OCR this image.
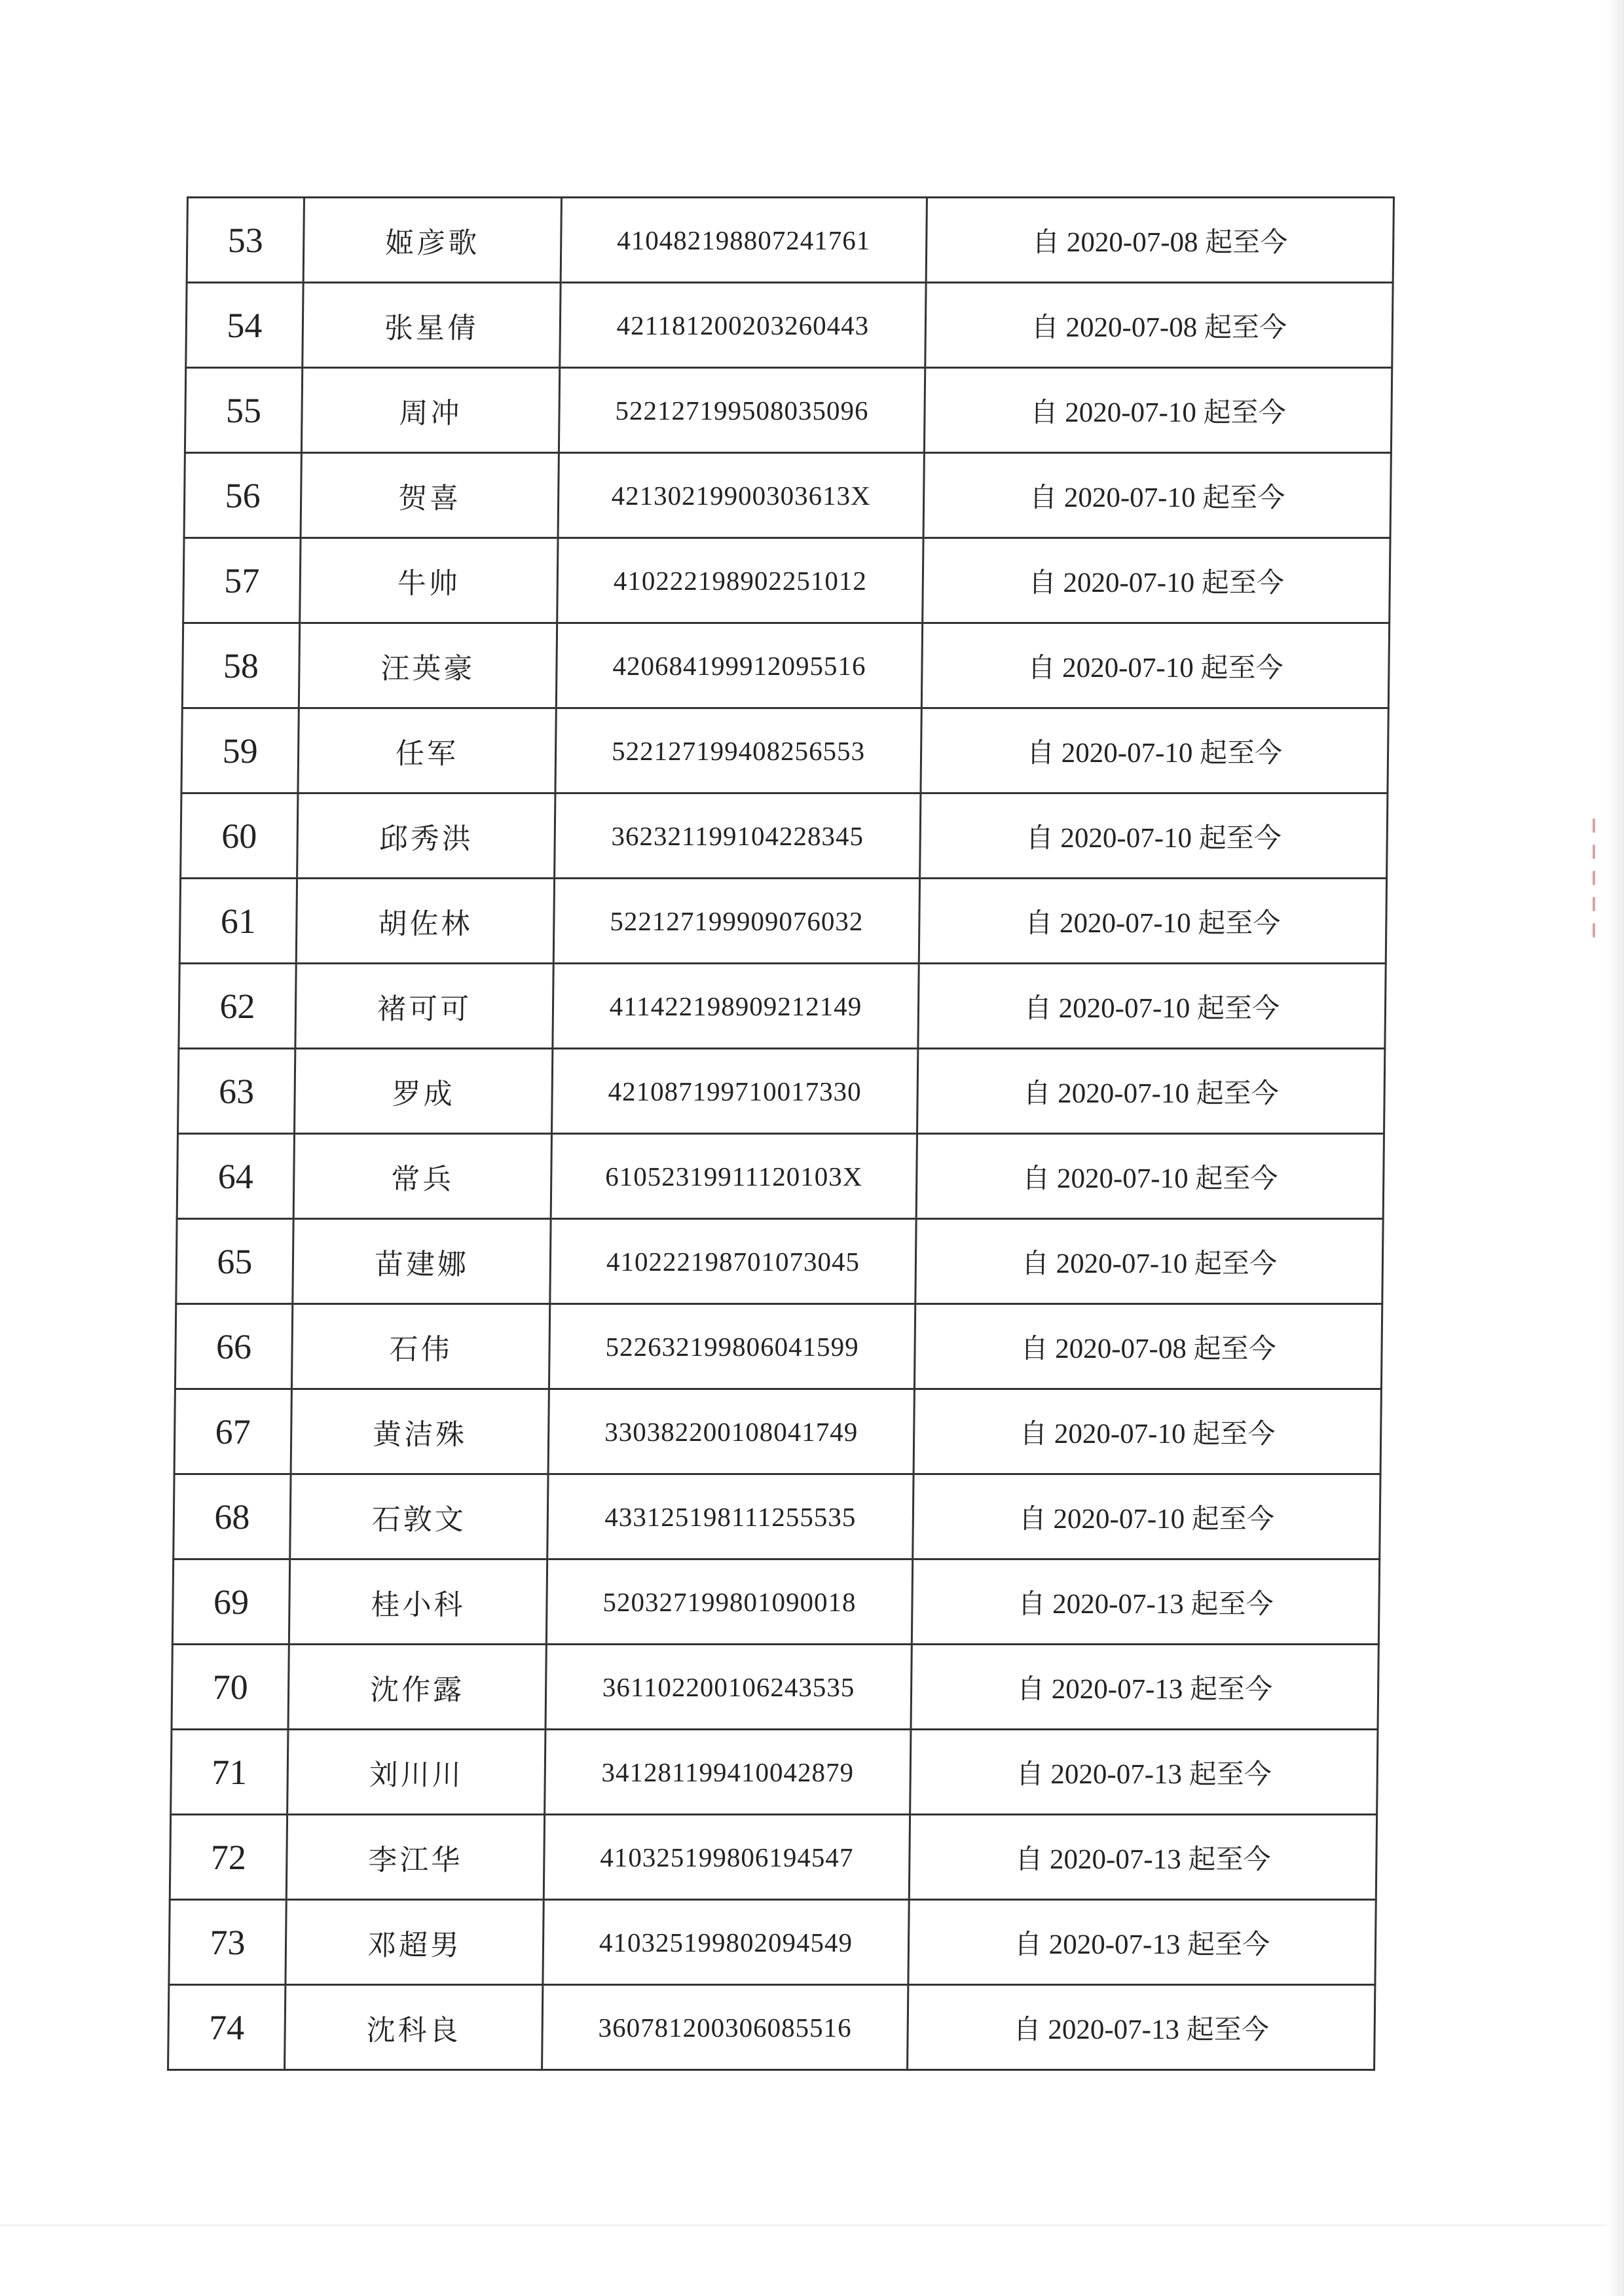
53	姬彦歌	410482198807241761	自 2020-07-08 起至今
54	张星倩	421181200203260443	自 2020-07-08 起至今
55	周冲	522127199508035096	自 2020-07-10 起至今
56	贺喜	42130219900303613X	自 2020-07-10 起至今
57	牛帅	410222198902251012	自 2020-07-10 起至今
58	汪英豪	420684199912095516	自 2020-07-10 起至今
59	任军	522127199408256553	自 2020-07-10 起至今
60	邱秀洪	362321199104228345	自 2020-07-10 起至今
61	胡佐林	522127199909076032	自 2020-07-10 起至今
62	褚可可	411422198909212149	自 2020-07-10 起至今
63	罗成	421087199710017330	自 2020-07-10 起至今
64	常兵	61052319911120103X	自 2020-07-10 起至今
65	苗建娜	410222198701073045	自 2020-07-10 起至今
66	石伟	522632199806041599	自 2020-07-08 起至今
67	黄洁殊	330382200108041749	自 2020-07-10 起至今
68	石敦文	433125198111255535	自 2020-07-10 起至今
69	桂小科	520327199801090018	自 2020-07-13 起至今
70	沈作露	361102200106243535	自 2020-07-13 起至今
71	刘川川	341281199410042879	自 2020-07-13 起至今
72	李江华	410325199806194547	自 2020-07-13 起至今
73	邓超男	410325199802094549	自 2020-07-13 起至今
74	沈科良	360781200306085516	自 2020-07-13 起至今
